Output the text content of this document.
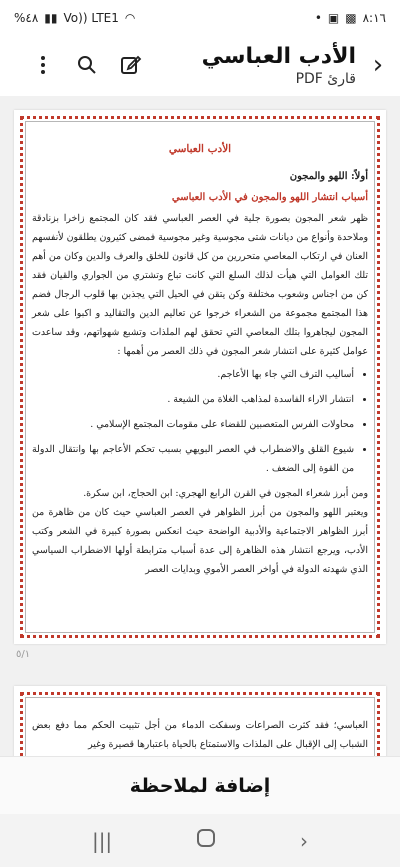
%٤٨ ▮▮ Vo)) LTE1 ◠	• ▣ ▩ ٨:١٦
الأدب العباسي
قارئ PDF ›
الأدب العباسي
أولاً: اللهو والمجون
أسباب انتشار اللهو والمجون في الأدب العباسي

ظهر شعر المجون بصورة جلية في العصر العباسي فقد كان المجتمع زاخرا بزنادقة وملاحدة وأنواع من ديانات شتى مجوسية وغير مجوسية فمضى كثيرون يطلقون لأنفسهم العنان في ارتكاب المعاصي متحررين من كل قانون للخلق والعرف والدين وكان من أهم تلك العوامل التي هيأت لذلك السلع التي كانت تباع وتشتري من الجواري والقيان فقد كن من اجناس وشعوب مختلفة وكن يتقن في الحيل التي يجذبن بها قلوب الرجال فضم هذا المجتمع مجموعة من الشعراء خرجوا عن تعاليم الدين والتقاليد و اكبوا على شعر المجون ليجاهروا بتلك المعاصي التي تحقق لهم الملذات وتشبع شهواتهم، وقد ساعدت عوامل كثيرة على انتشار شعر المجون في ذلك العصر من أهمها :

• أساليب الترف التي جاء بها الأعاجم.
• انتشار الاراء الفاسدة لمذاهب الغلاة من الشيعة .
• محاولات الفرس المتعصبين للقضاء على مقومات المجتمع الإسلامي .
• شيوع القلق والاضطراب في العصر البويهي بسبب تحكم الأعاجم بها وانتقال الدولة من القوة إلى الضعف .

ومن أبرز شعراء المجون في القرن الرابع الهجري: ابن الحجاج، ابن سكرة.

ويعتبر اللهو والمجون من أبرز الظواهر في العصر العباسي حيث كان من ظاهرة من أبرز الظواهر الاجتماعية والأدبية الواضحة حيث انعكس بصورة كبيرة في الشعر وكتب الأدب، ويرجع انتشار هذه الظاهرة إلى عدة أسباب مترابطة أولها الاضطراب السياسي الذي شهدته الدولة في أواخر العصر الأموي وبدايات العصر

٥/١

العباسي؛ فقد كثرت الصراعات وسفكت الدماء من أجل تثبيت الحكم مما دفع بعض الشباب إلى الإقبال على الملذات والاستمتاع بالحياة باعتبارها قصيرة وغير

إضافة لملاحظة
|||	›
